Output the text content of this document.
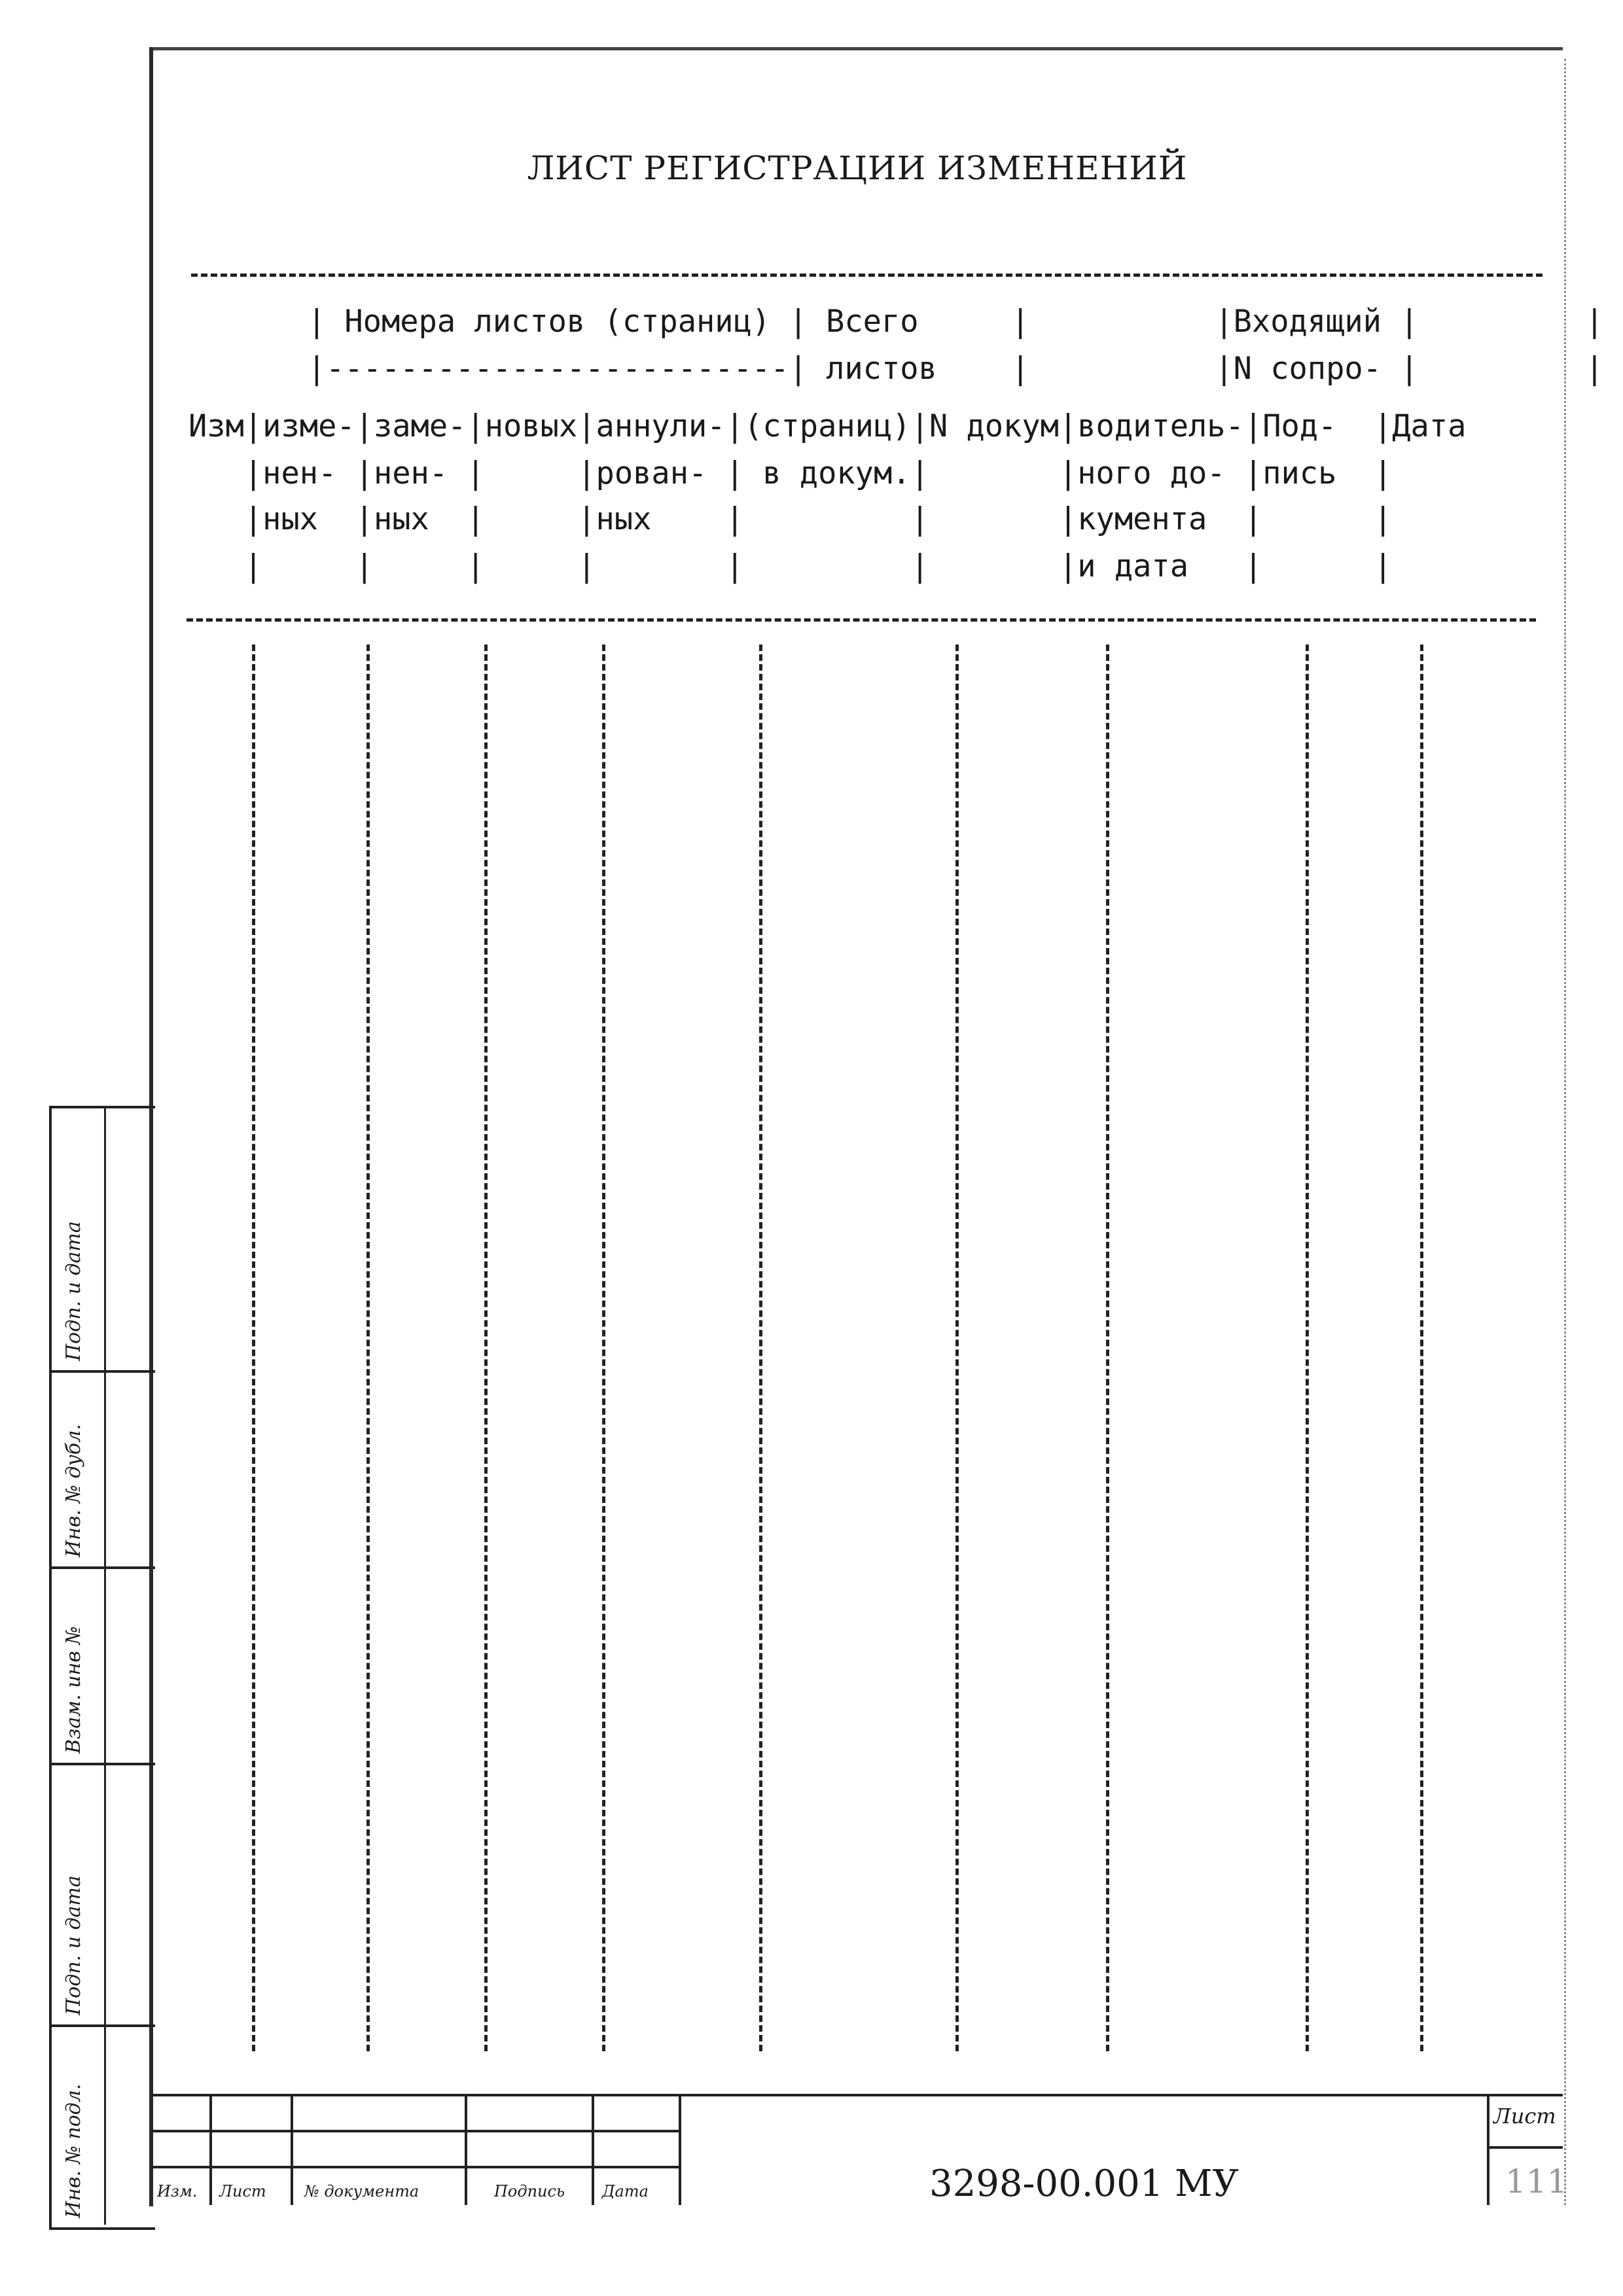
ЛИСТ РЕГИСТРАЦИИ ИЗМЕНЕНИЙ
| Номера листов (страниц) | Всего     |          |Входящий |         |
|-------------------------| листов    |          |N сопро- |         |
Изм|изме-|заме-|новых|аннули-|(страниц)|N докум|водитель-|Под-  |Дата
|нен- |нен- |     |рован- | в докум.|       |ного до- |пись  |
|ных  |ных  |     |ных    |         |       |кумента  |      |
|     |     |     |       |         |       |и дата   |      |
Инв. № подл.
Подп. и дата
Взам. инв №
Инв. № дубл.
Подп. и дата
Изм. Лист № документа	Подпись Дата	3298-00.001 МУ
Лист
111
